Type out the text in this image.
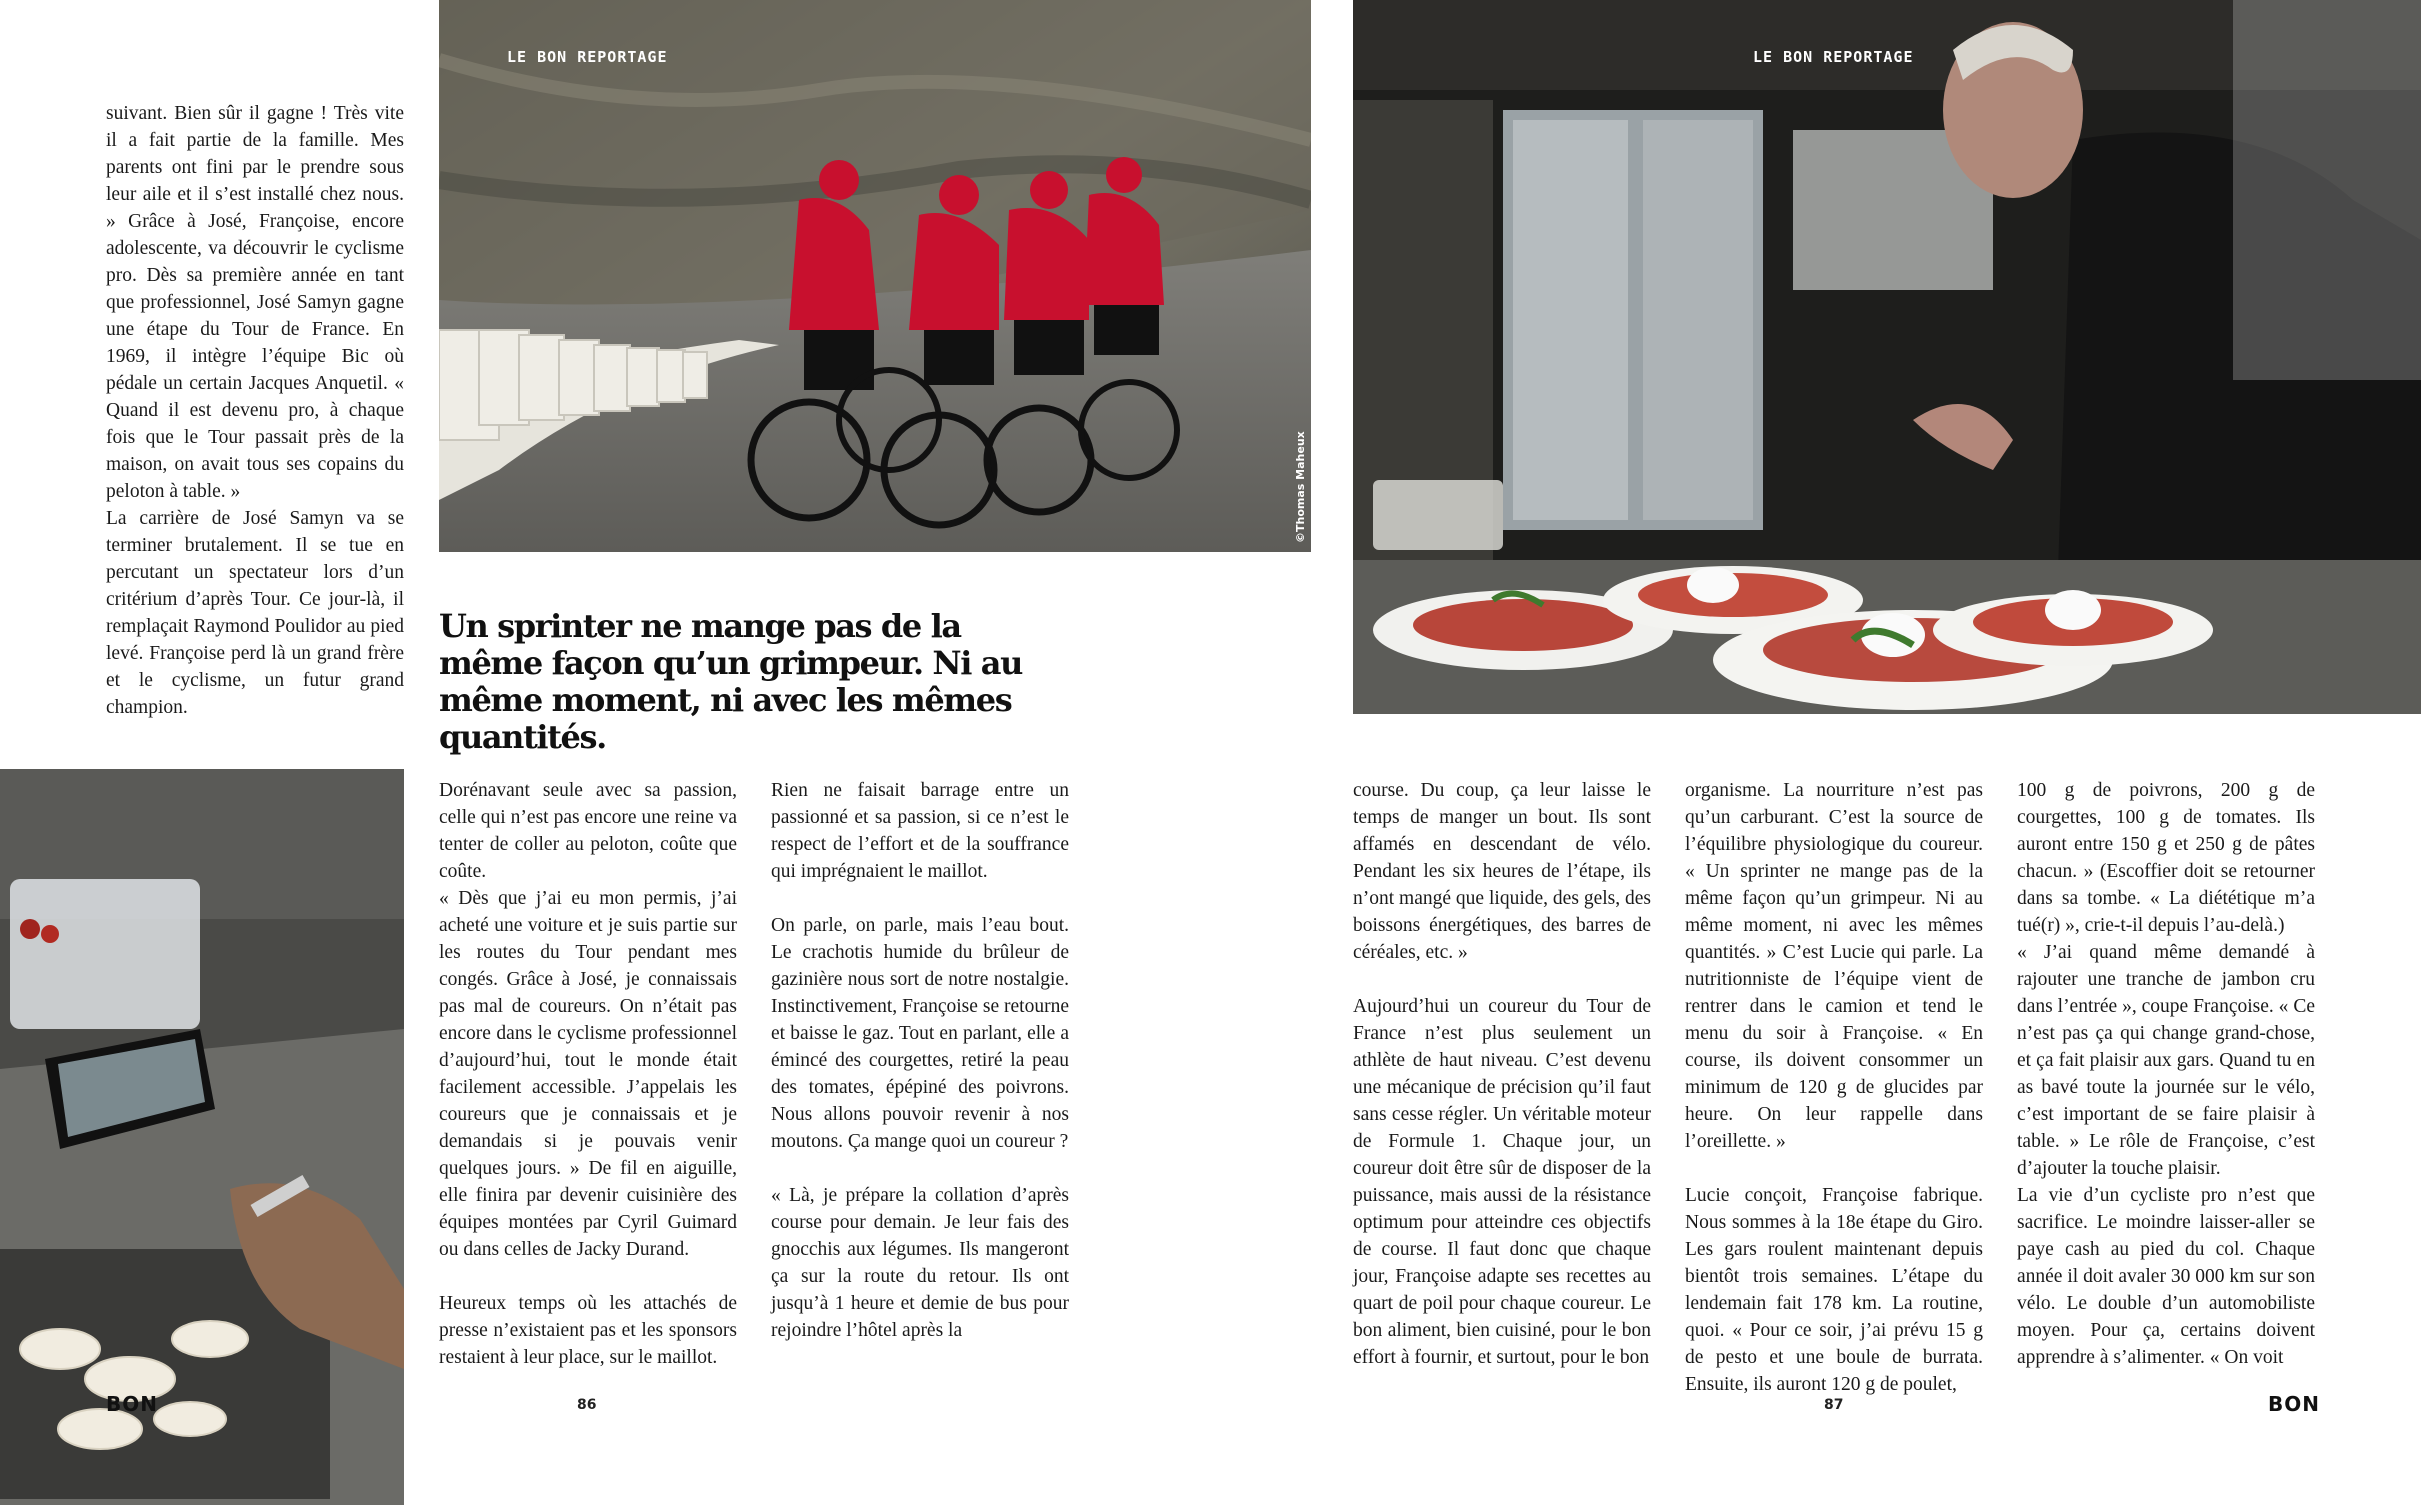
suivant. Bien sûr il gagne ! Très vite il a fait partie de la famille. Mes parents ont fini par le prendre sous leur aile et il s’est installé chez nous. » Grâce à José, Françoise, encore adolescente, va découvrir le cyclisme pro. Dès sa première année en tant que professionnel, José Samyn gagne une étape du Tour de France. En 1969, il intègre l’équipe Bic où pédale un certain Jacques Anquetil. « Quand il est devenu pro, à chaque fois que le Tour passait près de la maison, on avait tous ses copains du peloton à table. »

La carrière de José Samyn va se terminer brutalement. Il se tue en percutant un spectateur lors d’un critérium d’après Tour. Ce jour-là, il remplaçait Raymond Poulidor au pied levé. Françoise perd là un grand frère et le cyclisme, un futur grand champion.

LE BON REPORTAGE
©Thomas Maheux
Un sprinter ne mange pas de la même façon qu’un grimpeur. Ni au même moment, ni avec les mêmes quantités.
BON

Dorénavant seule avec sa passion, celle qui n’est pas encore une reine va tenter de coller au peloton, coûte que coûte.

« Dès que j’ai eu mon permis, j’ai acheté une voiture et je suis partie sur les routes du Tour pendant mes congés. Grâce à José, je connaissais pas mal de coureurs. On n’était pas encore dans le cyclisme professionnel d’aujourd’hui, tout le monde était facilement accessible. J’appelais les coureurs que je connaissais et je demandais si je pouvais venir quelques jours. » De fil en aiguille, elle finira par devenir cuisinière des équipes montées par Cyril Guimard ou dans celles de Jacky Durand.

Heureux temps où les attachés de presse n’existaient pas et les sponsors restaient à leur place, sur le maillot.

Rien ne faisait barrage entre un passionné et sa passion, si ce n’est le respect de l’effort et de la souffrance qui imprégnaient le maillot.

On parle, on parle, mais l’eau bout. Le crachotis humide du brûleur de gazinière nous sort de notre nostalgie. Instinctivement, Françoise se retourne et baisse le gaz. Tout en parlant, elle a émincé des courgettes, retiré la peau des tomates, épépiné des poivrons. Nous allons pouvoir revenir à nos moutons. Ça mange quoi un coureur ?

« Là, je prépare la collation d’après course pour demain. Je leur fais des gnocchis aux légumes. Ils mangeront ça sur la route du retour. Ils ont jusqu’à 1 heure et demie de bus pour rejoindre l’hôtel après la

86
LE BON REPORTAGE

course. Du coup, ça leur laisse le temps de manger un bout. Ils sont affamés en descendant de vélo. Pendant les six heures de l’étape, ils n’ont mangé que liquide, des gels, des boissons énergétiques, des barres de céréales, etc. »

Aujourd’hui un coureur du Tour de France n’est plus seulement un athlète de haut niveau. C’est devenu une mécanique de précision qu’il faut sans cesse régler. Un véritable moteur de Formule 1. Chaque jour, un coureur doit être sûr de disposer de la puissance, mais aussi de la résistance optimum pour atteindre ces objectifs de course. Il faut donc que chaque jour, Françoise adapte ses recettes au quart de poil pour chaque coureur. Le bon aliment, bien cuisiné, pour le bon effort à fournir, et surtout, pour le bon

organisme. La nourriture n’est pas qu’un carburant. C’est la source de l’équilibre physiologique du coureur. « Un sprinter ne mange pas de la même façon qu’un grimpeur. Ni au même moment, ni avec les mêmes quantités. » C’est Lucie qui parle. La nutritionniste de l’équipe vient de rentrer dans le camion et tend le menu du soir à Françoise. « En course, ils doivent consommer un minimum de 120 g de glucides par heure. On leur rappelle dans l’oreillette. »

Lucie conçoit, Françoise fabrique. Nous sommes à la 18e étape du Giro. Les gars roulent maintenant depuis bientôt trois semaines. L’étape du lendemain fait 178 km. La routine, quoi. « Pour ce soir, j’ai prévu 15 g de pesto et une boule de burrata. Ensuite, ils auront 120 g de poulet,

100 g de poivrons, 200 g de courgettes, 100 g de tomates. Ils auront entre 150 g et 250 g de pâtes chacun. » (Escoffier doit se retourner dans sa tombe. « La diététique m’a tué(r) », crie-t-il depuis l’au-delà.)

« J’ai quand même demandé à rajouter une tranche de jambon cru dans l’entrée », coupe Françoise. « Ce n’est pas ça qui change grand-chose, et ça fait plaisir aux gars. Quand tu en as bavé toute la journée sur le vélo, c’est important de se faire plaisir à table. » Le rôle de Françoise, c’est d’ajouter la touche plaisir.

La vie d’un cycliste pro n’est que sacrifice. Le moindre laisser-aller se paye cash au pied du col. Chaque année il doit avaler 30 000 km sur son vélo. Le double d’un automobiliste moyen. Pour ça, certains doivent apprendre à s’alimenter. « On voit

87	BON
